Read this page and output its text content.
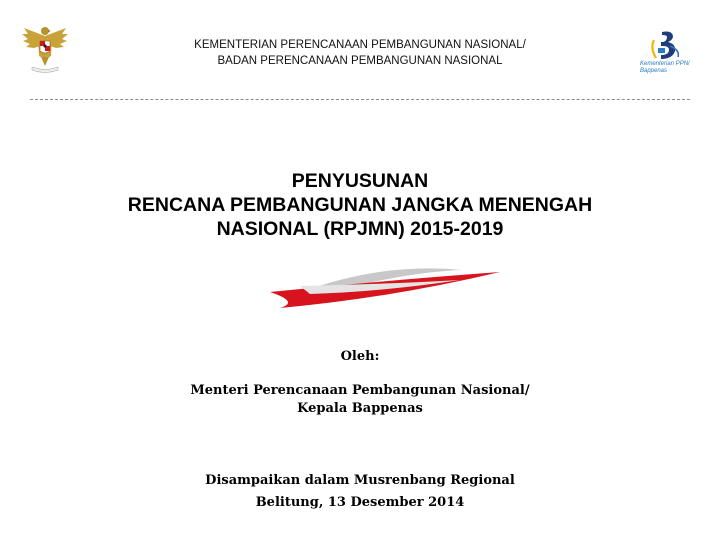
KEMENTERIAN PERENCANAAN PEMBANGUNAN NASIONAL/
BADAN PERENCANAAN PEMBANGUNAN NASIONAL	Kementerian PPN/
Bappenas
PENYUSUNAN
RENCANA PEMBANGUNAN JANGKA MENENGAH
NASIONAL (RPJMN) 2015-2019
Oleh:
Menteri Perencanaan Pembangunan Nasional/
Kepala Bappenas
Disampaikan dalam Musrenbang Regional
Belitung, 13 Desember 2014
